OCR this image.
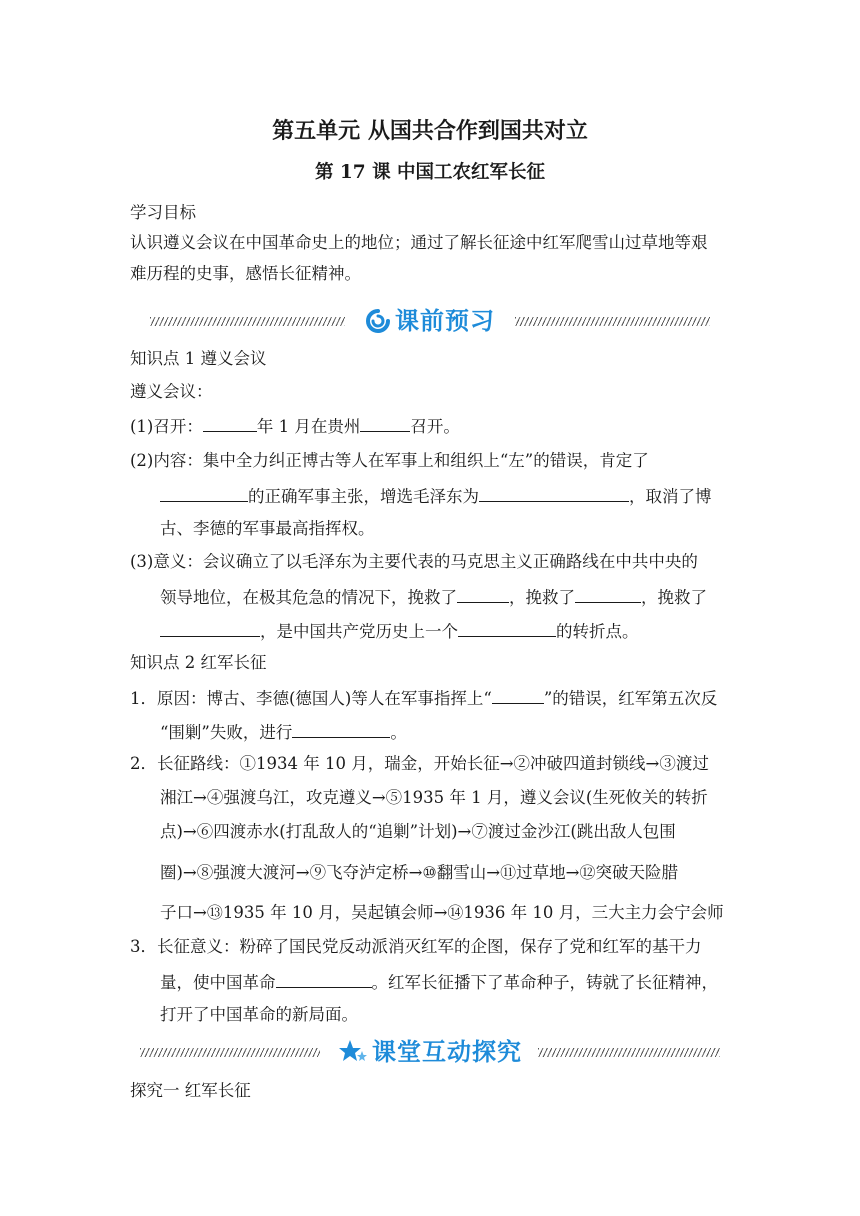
第五单元 从国共合作到国共对立
第 17 课 中国工农红军长征
学习目标
认识遵义会议在中国革命史上的地位；通过了解长征途中红军爬雪山过草地等艰
难历程的史事，感悟长征精神。
课前预习
知识点 1 遵义会议
遵义会议：
(1)召开：	年 1 月在贵州	召开。
(2)内容：集中全力纠正博古等人在军事上和组织上“左”的错误，肯定了
的正确军事主张，增选毛泽东为	，取消了博
古、李德的军事最高指挥权。
(3)意义：会议确立了以毛泽东为主要代表的马克思主义正确路线在中共中央的
领导地位，在极其危急的情况下，挽救了	，挽救了	，挽救了
，是中国共产党历史上一个	的转折点。
知识点 2 红军长征
1．原因：博古、李德(德国人)等人在军事指挥上“	”的错误，红军第五次反
“围剿”失败，进行	。
2．长征路线：①1934 年 10 月，瑞金，开始长征→②冲破四道封锁线→③渡过
湘江→④强渡乌江，攻克遵义→⑤1935 年 1 月，遵义会议(生死攸关的转折
点)→⑥四渡赤水(打乱敌人的“追剿”计划)→⑦渡过金沙江(跳出敌人包围
圈)→⑧强渡大渡河→⑨飞夺泸定桥→⑩翻雪山→⑪过草地→⑫突破天险腊
子口→⑬1935 年 10 月，吴起镇会师→⑭1936 年 10 月，三大主力会宁会师
3．长征意义：粉碎了国民党反动派消灭红军的企图，保存了党和红军的基干力
量，使中国革命	。红军长征播下了革命种子，铸就了长征精神，
打开了中国革命的新局面。
课堂互动探究
探究一 红军长征
